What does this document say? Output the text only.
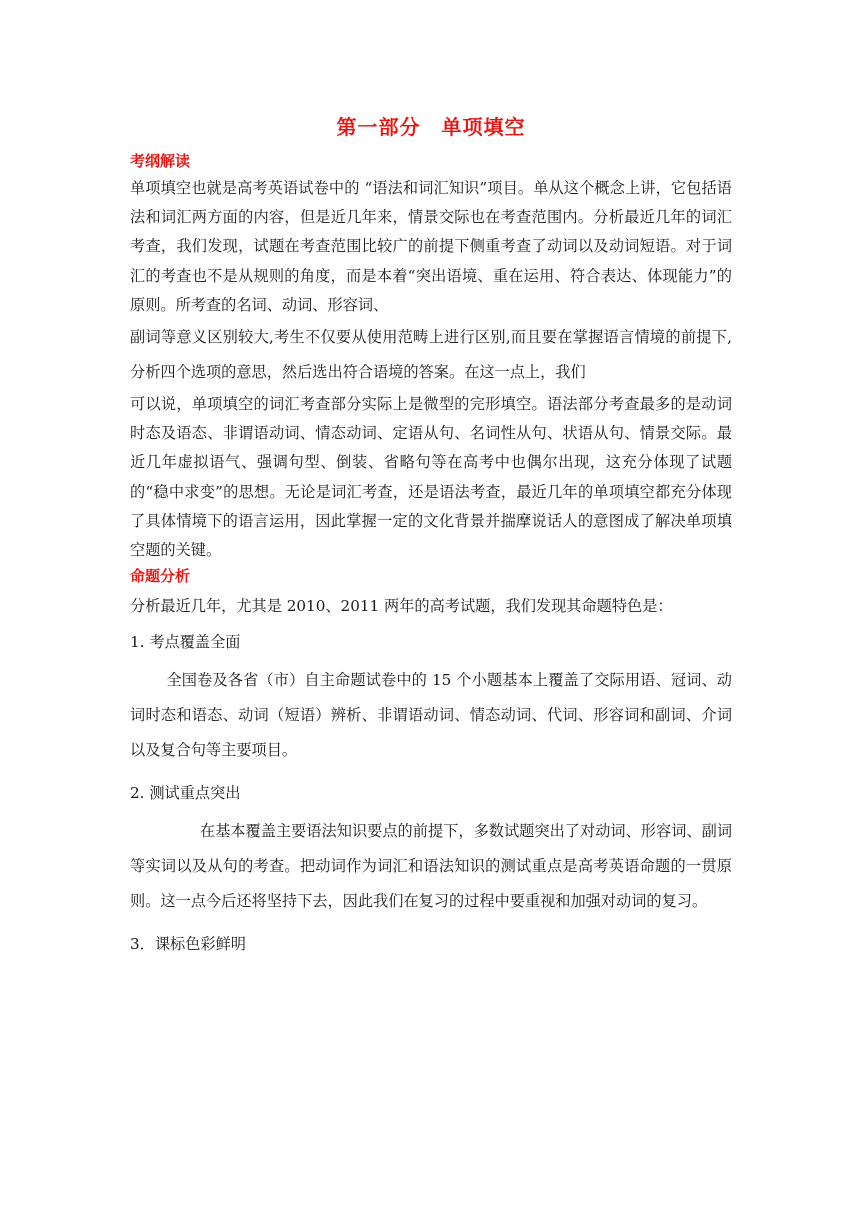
第一部分　单项填空
考纲解读

单项填空也就是高考英语试卷中的 “语法和词汇知识”项目。单从这个概念上讲，它包括语法和词汇两方面的内容，但是近几年来，情景交际也在考查范围内。分析最近几年的词汇考查，我们发现，试题在考查范围比较广的前提下侧重考查了动词以及动词短语。对于词汇的考查也不是从规则的角度，而是本着“突出语境、重在运用、符合表达、体现能力”的原则。所考查的名词、动词、形容词、

副词等意义区别较大,考生不仅要从使用范畴上进行区别,而且要在掌握语言情境的前提下,分析四个选项的意思，然后选出符合语境的答案。在这一点上，我们

可以说，单项填空的词汇考查部分实际上是微型的完形填空。语法部分考查最多的是动词时态及语态、非谓语动词、情态动词、定语从句、名词性从句、状语从句、情景交际。最近几年虚拟语气、强调句型、倒装、省略句等在高考中也偶尔出现，这充分体现了试题的“稳中求变”的思想。无论是词汇考查，还是语法考查，最近几年的单项填空都充分体现了具体情境下的语言运用，因此掌握一定的文化背景并揣摩说话人的意图成了解决单项填空题的关键。

命题分析

分析最近几年，尤其是 2010、2011 两年的高考试题，我们发现其命题特色是：

1. 考点覆盖全面

全国卷及各省（市）自主命题试卷中的 15 个小题基本上覆盖了交际用语、冠词、动词时态和语态、动词（短语）辨析、非谓语动词、情态动词、代词、形容词和副词、介词以及复合句等主要项目。

2. 测试重点突出

在基本覆盖主要语法知识要点的前提下，多数试题突出了对动词、形容词、副词等实词以及从句的考查。把动词作为词汇和语法知识的测试重点是高考英语命题的一贯原则。这一点今后还将坚持下去，因此我们在复习的过程中要重视和加强对动词的复习。

3．课标色彩鲜明
